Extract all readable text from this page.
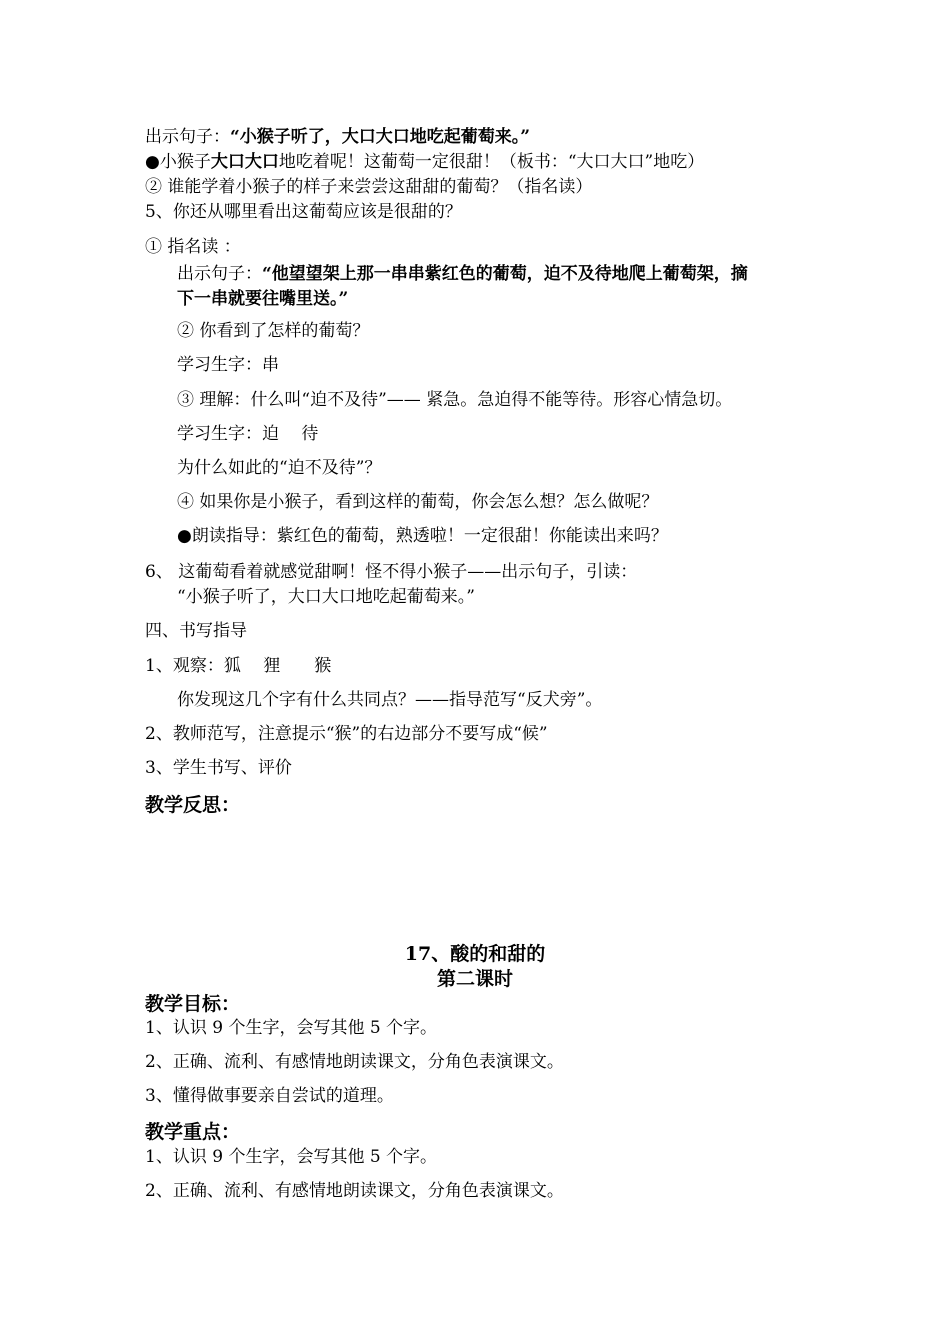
出示句子：“小猴子听了，大口大口地吃起葡萄来。”
●小猴子大口大口地吃着呢！这葡萄一定很甜！（板书：“大口大口”地吃）
② 谁能学着小猴子的样子来尝尝这甜甜的葡萄？（指名读）
5、你还从哪里看出这葡萄应该是很甜的？
① 指名读 ：
出示句子：“他望望架上那一串串紫红色的葡萄，迫不及待地爬上葡萄架，摘
下一串就要往嘴里送。”
② 你看到了怎样的葡萄？
学习生字：串
③ 理解：什么叫“迫不及待”—— 紧急。急迫得不能等待。形容心情急切。
学习生字：迫　 待
为什么如此的“迫不及待”？
④ 如果你是小猴子，看到这样的葡萄，你会怎么想？怎么做呢？
●朗读指导：紫红色的葡萄，熟透啦！一定很甜！你能读出来吗？
6、 这葡萄看着就感觉甜啊！怪不得小猴子——出示句子，引读：
“小猴子听了，大口大口地吃起葡萄来。”
四、书写指导
1、观察：狐　 狸　　猴
你发现这几个字有什么共同点？——指导范写“反犬旁”。
2、教师范写，注意提示“猴”的右边部分不要写成“候”
3、学生书写、评价
教学反思：
17、酸的和甜的
第二课时
教学目标：
1、认识 9 个生字，会写其他 5 个字。
2、正确、流利、有感情地朗读课文，分角色表演课文。
3、懂得做事要亲自尝试的道理。
教学重点：
1、认识 9 个生字，会写其他 5 个字。
2、正确、流利、有感情地朗读课文，分角色表演课文。
